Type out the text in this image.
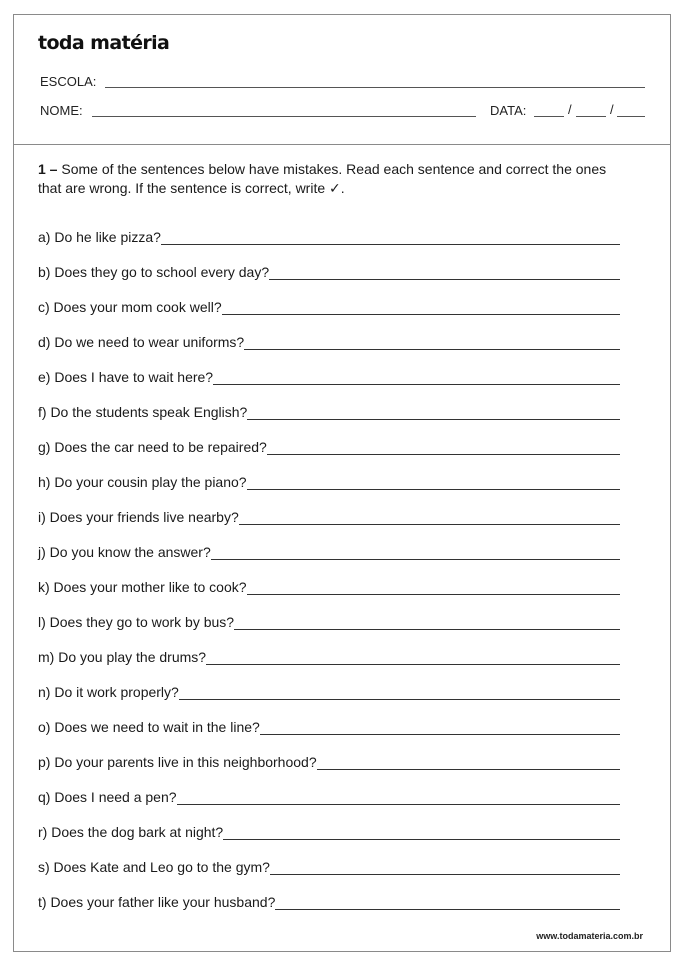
toda matéria
ESCOLA:
NOME:	DATA:	/	/
www.todamateria.com.br

1 – Some of the sentences below have mistakes. Read each sentence and correct the ones that are wrong. If the sentence is correct, write ✓.

a) Do he like pizza?
b) Does they go to school every day?
c) Does your mom cook well?
d) Do we need to wear uniforms?
e) Does I have to wait here?
f) Do the students speak English?
g) Does the car need to be repaired?
h) Do your cousin play the piano?
i) Does your friends live nearby?
j) Do you know the answer?
k) Does your mother like to cook?
l) Does they go to work by bus?
m) Do you play the drums?
n) Do it work properly?
o) Does we need to wait in the line?
p) Do your parents live in this neighborhood?
q) Does I need a pen?
r) Does the dog bark at night?
s) Does Kate and Leo go to the gym?
t) Does your father like your husband?
